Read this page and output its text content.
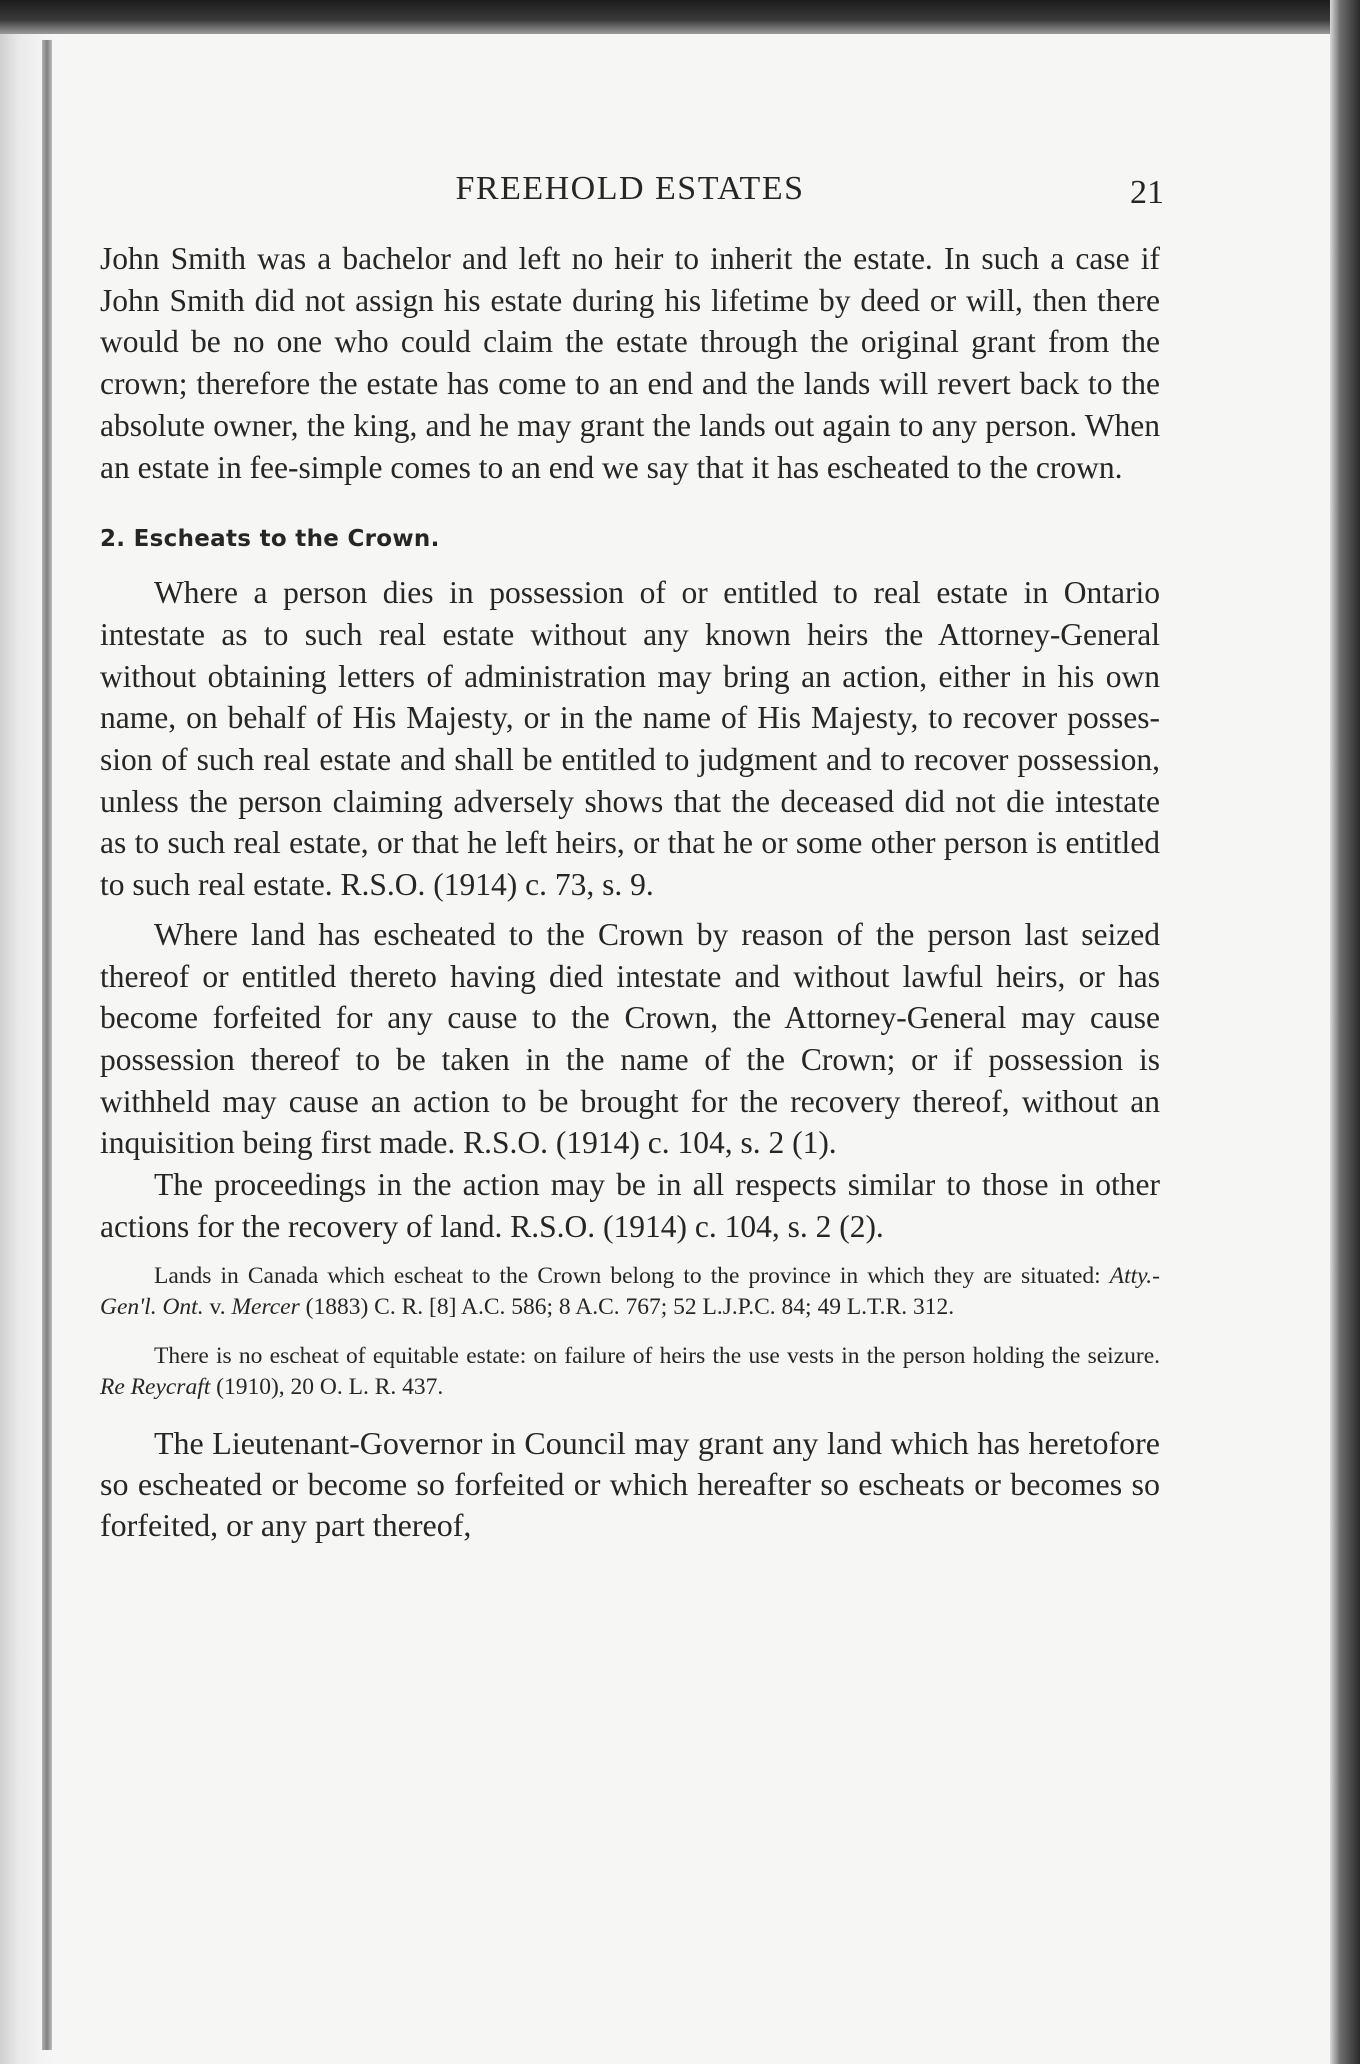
FREEHOLD ESTATES	21

John Smith was a bachelor and left no heir to inherit the estate. In such a case if John Smith did not assign his estate during his lifetime by deed or will, then there would be no one who could claim the estate through the original grant from the crown; therefore the estate has come to an end and the lands will revert back to the absolute owner, the king, and he may grant the lands out again to any person. When an estate in fee-simple comes to an end we say that it has escheated to the crown.

2. Escheats to the Crown.

Where a person dies in possession of or entitled to real estate in Ontario intestate as to such real estate without any known heirs the Attorney-General without obtaining letters of administration may bring an action, either in his own name, on behalf of His Majesty, or in the name of His Majesty, to recover possession of such real estate and shall be entitled to judgment and to recover possession, unless the person claiming adversely shows that the deceased did not die intestate as to such real estate, or that he left heirs, or that he or some other person is entitled to such real estate. R.S.O. (1914) c. 73, s. 9.

Where land has escheated to the Crown by reason of the person last seized thereof or entitled thereto having died intestate and without lawful heirs, or has become forfeited for any cause to the Crown, the Attorney-General may cause possession thereof to be taken in the name of the Crown; or if possession is withheld may cause an action to be brought for the recovery thereof, without an inquisition being first made. R.S.O. (1914) c. 104, s. 2 (1).

The proceedings in the action may be in all respects similar to those in other actions for the recovery of land. R.S.O. (1914) c. 104, s. 2 (2).

Lands in Canada which escheat to the Crown belong to the province in which they are situated: Atty.-Gen'l. Ont. v. Mercer (1883) C. R. [8] A.C. 586; 8 A.C. 767; 52 L.J.P.C. 84; 49 L.T.R. 312.

There is no escheat of equitable estate: on failure of heirs the use vests in the person holding the seizure. Re Reycraft (1910), 20 O. L. R. 437.

The Lieutenant-Governor in Council may grant any land which has heretofore so escheated or become so forfeited or which hereafter so escheats or becomes so forfeited, or any part thereof,
